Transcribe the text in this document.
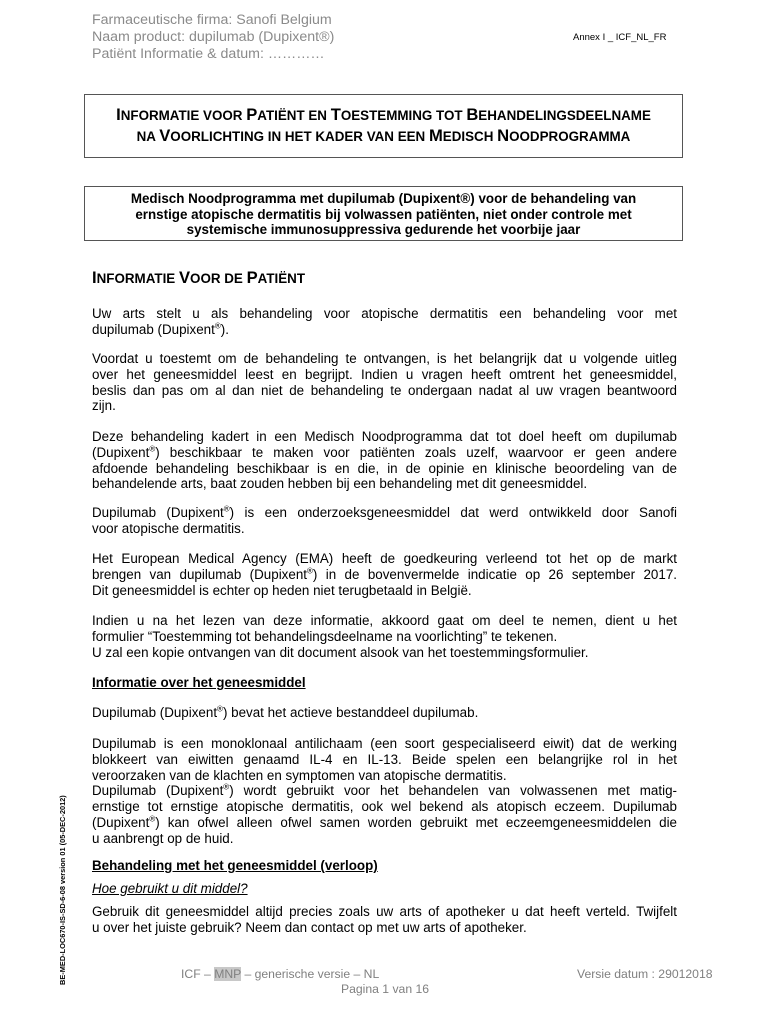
Farmaceutische firma: Sanofi Belgium
Naam product: dupilumab (Dupixent®)
Patiënt Informatie & datum: …………
Annex I _ ICF_NL_FR
INFORMATIE VOOR PATIËNT EN TOESTEMMING TOT BEHANDELINGSDEELNAME
NA VOORLICHTING IN HET KADER VAN EEN MEDISCH NOODPROGRAMMA
Medisch Noodprogramma met dupilumab (Dupixent®) voor de behandeling van
ernstige atopische dermatitis bij volwassen patiënten, niet onder controle met
systemische immunosuppressiva gedurende het voorbije jaar
INFORMATIE VOOR DE PATIËNT
Uw arts stelt u als behandeling voor atopische dermatitis een behandeling voor met
dupilumab (Dupixent®).
Voordat u toestemt om de behandeling te ontvangen, is het belangrijk dat u volgende uitleg
over het geneesmiddel leest en begrijpt. Indien u vragen heeft omtrent het geneesmiddel,
beslis dan pas om al dan niet de behandeling te ondergaan nadat al uw vragen beantwoord
zijn.
Deze behandeling kadert in een Medisch Noodprogramma dat tot doel heeft om dupilumab
(Dupixent®) beschikbaar te maken voor patiënten zoals uzelf, waarvoor er geen andere
afdoende behandeling beschikbaar is en die, in de opinie en klinische beoordeling van de
behandelende arts, baat zouden hebben bij een behandeling met dit geneesmiddel.
Dupilumab (Dupixent®) is een onderzoeksgeneesmiddel dat werd ontwikkeld door Sanofi
voor atopische dermatitis.
Het European Medical Agency (EMA) heeft de goedkeuring verleend tot het op de markt
brengen van dupilumab (Dupixent®) in de bovenvermelde indicatie op 26 september 2017.
Dit geneesmiddel is echter op heden niet terugbetaald in België.
Indien u na het lezen van deze informatie, akkoord gaat om deel te nemen, dient u het
formulier “Toestemming tot behandelingsdeelname na voorlichting” te tekenen.
U zal een kopie ontvangen van dit document alsook van het toestemmingsformulier.
Informatie over het geneesmiddel
Dupilumab (Dupixent®) bevat het actieve bestanddeel dupilumab.
Dupilumab is een monoklonaal antilichaam (een soort gespecialiseerd eiwit) dat de werking
blokkeert van eiwitten genaamd IL-4 en IL-13. Beide spelen een belangrijke rol in het
veroorzaken van de klachten en symptomen van atopische dermatitis.
Dupilumab (Dupixent®) wordt gebruikt voor het behandelen van volwassenen met matig-
ernstige tot ernstige atopische dermatitis, ook wel bekend als atopisch eczeem. Dupilumab
(Dupixent®) kan ofwel alleen ofwel samen worden gebruikt met eczeemgeneesmiddelen die
u aanbrengt op de huid.
Behandeling met het geneesmiddel (verloop)
Hoe gebruikt u dit middel?
Gebruik dit geneesmiddel altijd precies zoals uw arts of apotheker u dat heeft verteld. Twijfelt
u over het juiste gebruik? Neem dan contact op met uw arts of apotheker.
BE-MED-LOC670-IS-SD-6-08 version 01 (05-DEC-2012)	ICF – MNP – generische versie – NL	Versie datum : 29012018
Pagina 1 van 16
